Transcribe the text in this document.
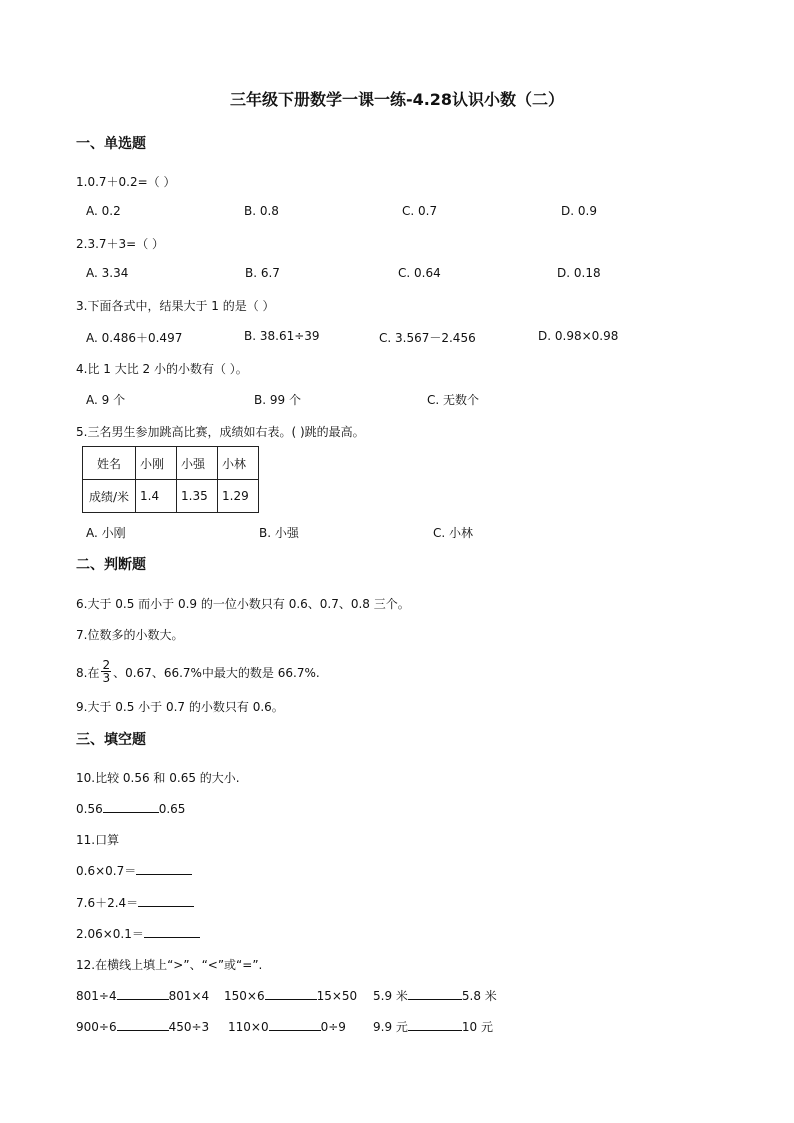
三年级下册数学一课一练-4.28认识小数（二）
一、单选题
1.0.7＋0.2=（ ）
A. 0.2	B. 0.8	C. 0.7	D. 0.9
2.3.7＋3=（ ）
A. 3.34	B. 6.7	C. 0.64	D. 0.18
3.下面各式中，结果大于 1 的是（ ）
A. 0.486＋0.497	B. 38.61÷39	C. 3.567－2.456	D. 0.98×0.98
4.比 1 大比 2 小的小数有（ ）。
A. 9 个	B. 99 个	C. 无数个
5.三名男生参加跳高比赛，成绩如右表。( )跳的最高。
姓名	小刚	小强	小林
成绩/米	1.4	1.35	1.29
A. 小刚	B. 小强	C. 小林
二、判断题
6.大于 0.5 而小于 0.9 的一位小数只有 0.6、0.7、0.8 三个。
7.位数多的小数大。
8.在 $\frac{2}{3}$ 、0.67、66.7%中最大的数是 66.7%.
9.大于 0.5 小于 0.7 的小数只有 0.6。
三、填空题
10.比较 0.56 和 0.65 的大小.
0.56	0.65
11.口算
0.6×0.7＝
7.6＋2.4＝
2.06×0.1＝
12.在横线上填上“>”、“<”或“=”.
801÷4	801×4 150×6	15×50 5.9 米	5.8 米
900÷6	450÷3 110×0	0÷9 9.9 元	10 元
